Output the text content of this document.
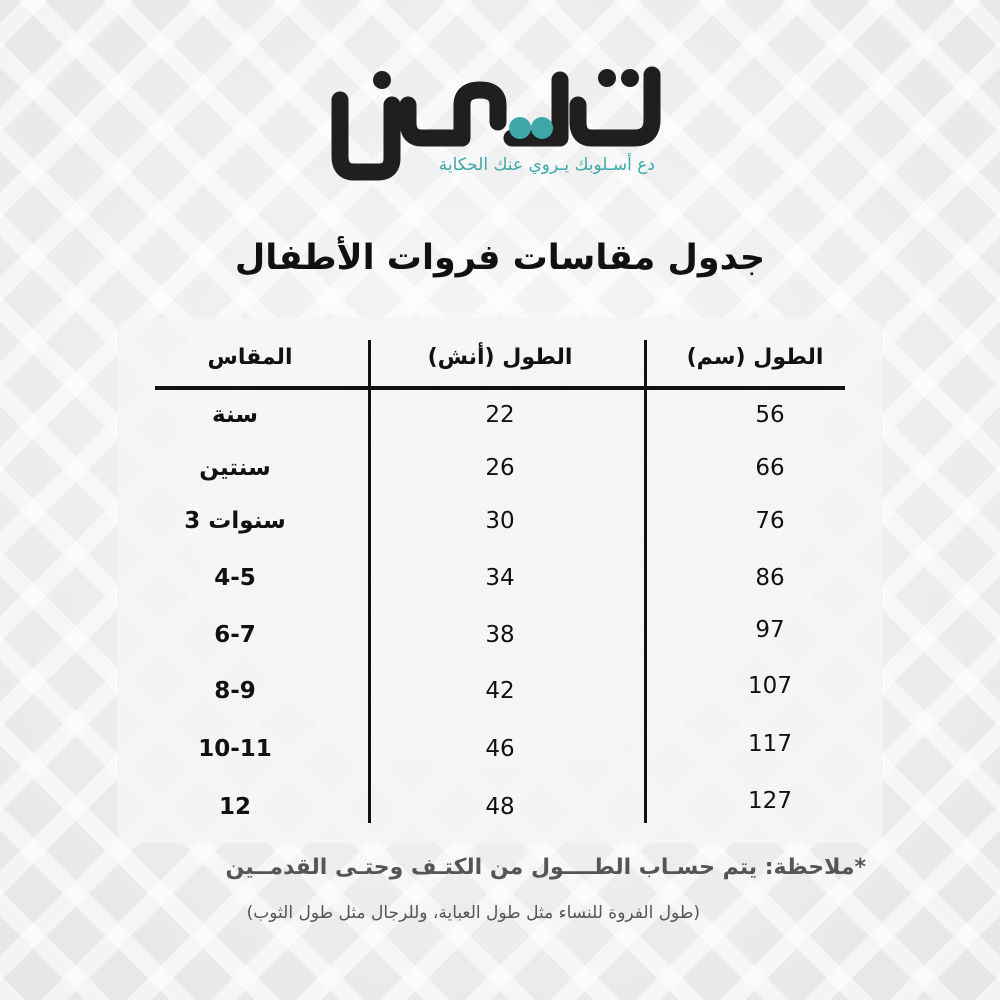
دع أسـلوبك يـروي عنك الحكاية
جدول مقاسات فروات الأطفال
الطول (سم)
الطول (أنش)
المقاس
56
22
سنة
66
26
سنتين
76
30
سنوات 3
86
34
4-5
97
38
6-7
107
42
8-9
117
46
10-11
127
48
12
*ملاحظة: يتم حسـاب الطــــول من الكتـف وحتـى القدمــين
(طول الفروة للنساء مثل طول العباية، وللرجال مثل طول الثوب)
